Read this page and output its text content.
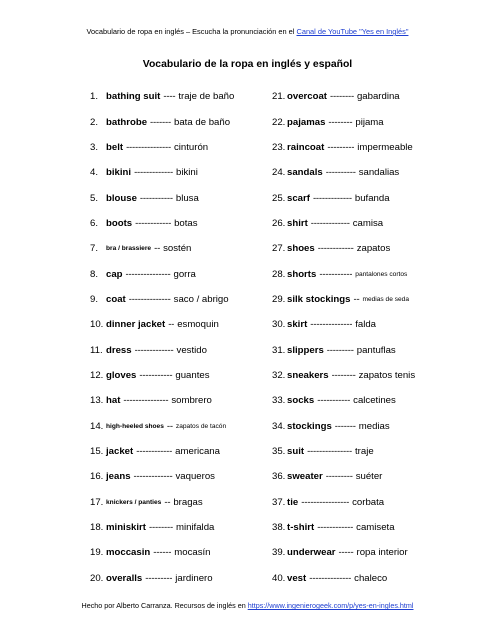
Vocabulario de ropa en inglés – Escucha la pronunciación en el Canal de YouTube "Yes en Inglés"
Vocabulario de la ropa en inglés y español
1. bathing suit ---- traje de baño
2. bathrobe ------- bata de baño
3. belt --------------- cinturón
4. bikini ------------- bikini
5. blouse ----------- blusa
6. boots ------------ botas
7.	bra / brassiere -- sostén
8. cap --------------- gorra
9. coat -------------- saco / abrigo
10. dinner jacket -- esmoquin
11. dress ------------- vestido
12. gloves ----------- guantes
13. hat --------------- sombrero
14. high-heeled shoes -- zapatos de tacón
15. jacket ------------ americana
16. jeans ------------- vaqueros
17. knickers / panties -- bragas
18. miniskirt -------- minifalda
19. moccasin ------ mocasín
20. overalls --------- jardinero
21. overcoat -------- gabardina
22. pajamas -------- pijama
23. raincoat --------- impermeable
24. sandals ---------- sandalias
25. scarf ------------- bufanda
26. shirt ------------- camisa
27. shoes ------------ zapatos
28. shorts ----------- pantalones cortos
29. silk stockings -- medias de seda
30. skirt -------------- falda
31. slippers --------- pantuflas
32. sneakers -------- zapatos tenis
33. socks ----------- calcetines
34. stockings ------- medias
35. suit --------------- traje
36. sweater --------- suéter
37. tie ---------------- corbata
38. t-shirt ------------ camiseta
39. underwear ----- ropa interior
40. vest -------------- chaleco
Hecho por Alberto Carranza. Recursos de inglés en https://www.ingenierogeek.com/p/yes-en-ingles.html
